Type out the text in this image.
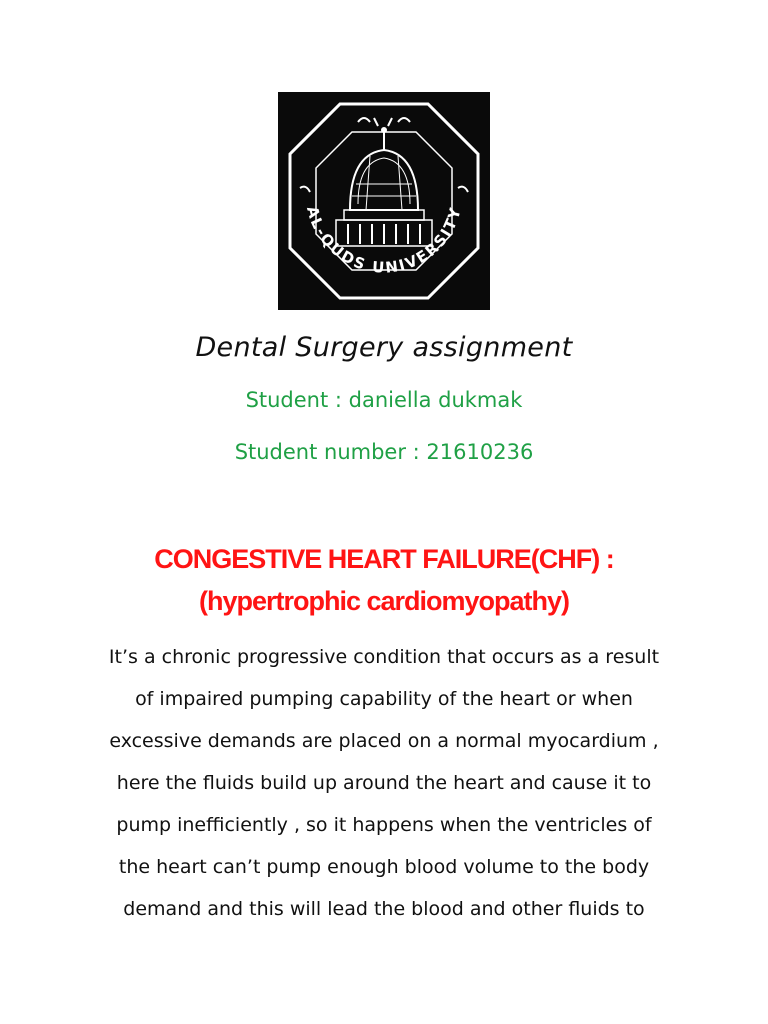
AL-QUDS UNIVERSITY
Dental Surgery assignment
Student : daniella dukmak
Student number : 21610236
CONGESTIVE HEART FAILURE(CHF) :
(hypertrophic cardiomyopathy)
It’s a chronic progressive condition that occurs as a result
of impaired pumping capability of the heart or when
excessive demands are placed on a normal myocardium ,
here the fluids build up around the heart and cause it to
pump inefficiently , so it happens when the ventricles of
the heart can’t pump enough blood volume to the body
demand and this will lead the blood and other fluids to
